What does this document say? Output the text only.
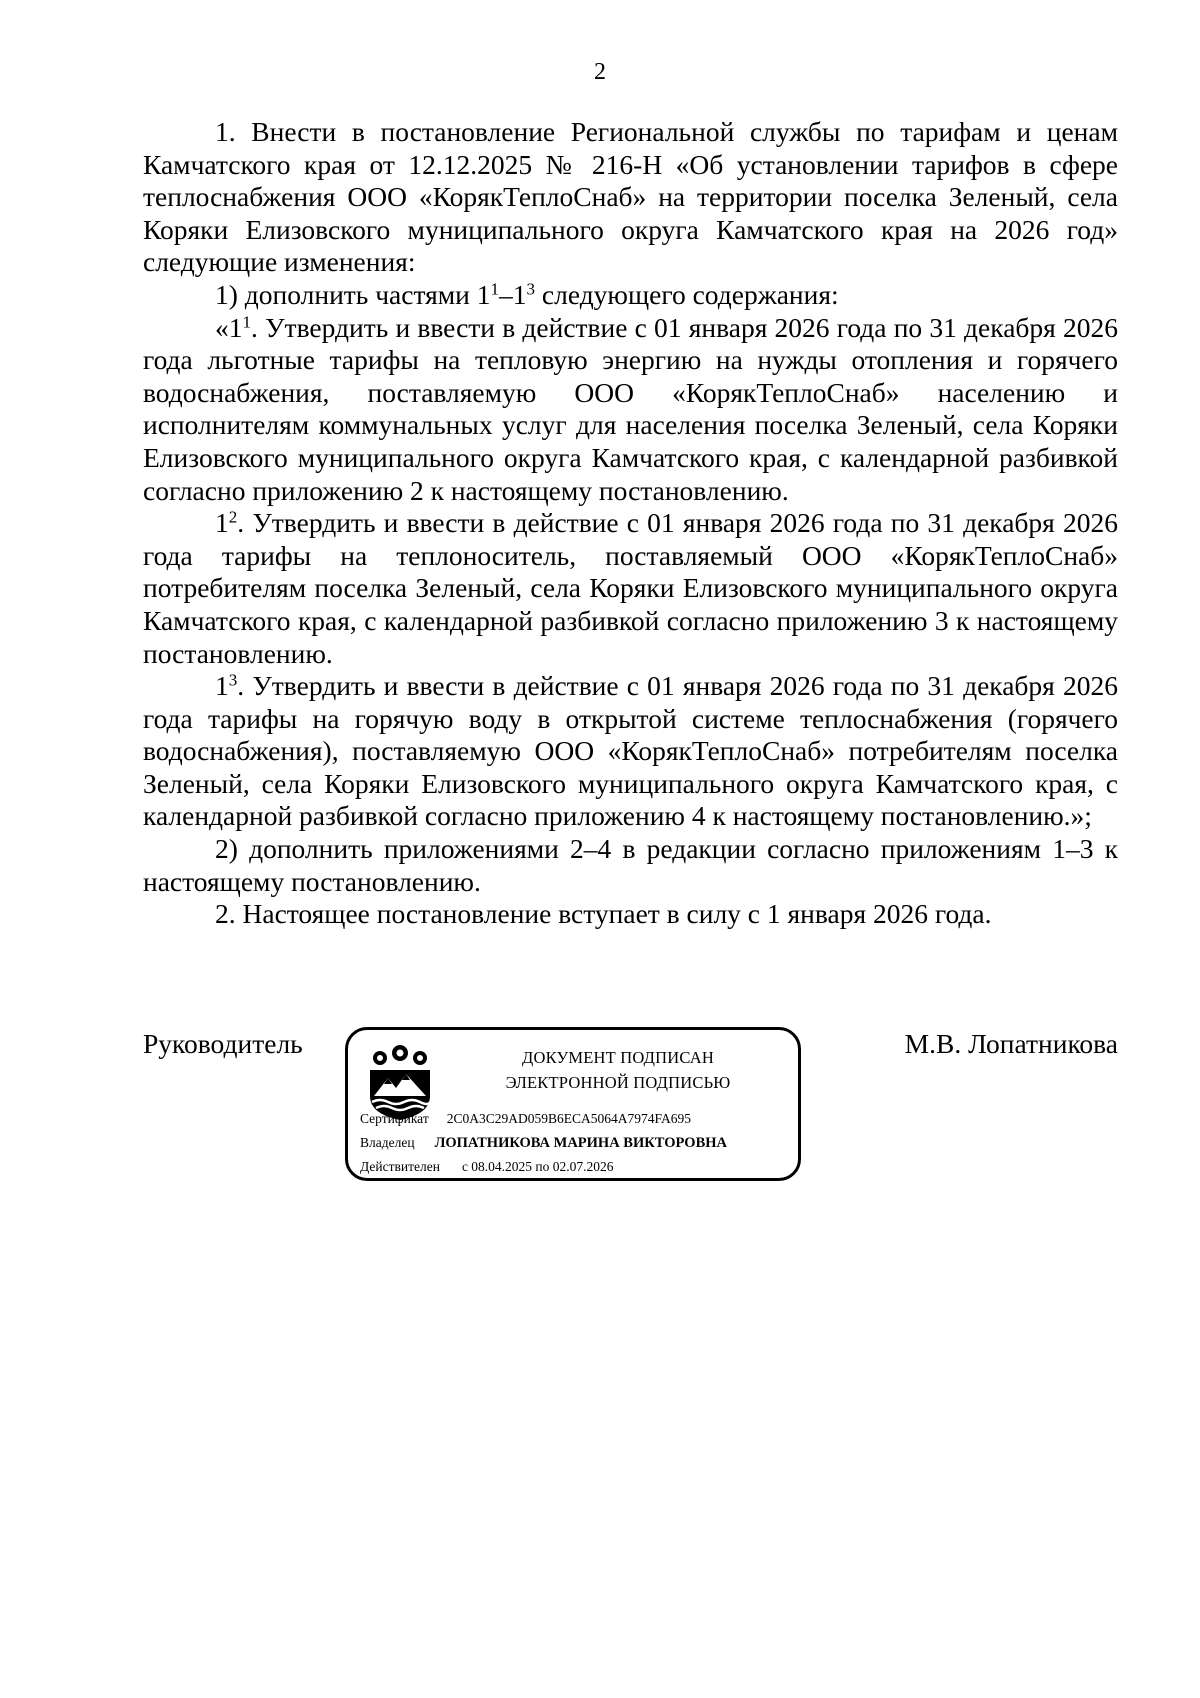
2

1. Внести в постановление Региональной службы по тарифам и ценам Камчатского края от 12.12.2025 № 216-Н «Об установлении тарифов в сфере теплоснабжения ООО «КорякТеплоСнаб» на территории поселка Зеленый, села Коряки Елизовского муниципального округа Камчатского края на 2026 год» следующие изменения:

1) дополнить частями $1^1-1^3$ следующего содержания:

«$1^1$. Утвердить и ввести в действие с 01 января 2026 года по 31 декабря 2026 года льготные тарифы на тепловую энергию на нужды отопления и горячего водоснабжения, поставляемую ООО «КорякТеплоСнаб» населению и исполнителям коммунальных услуг для населения поселка Зеленый, села Коряки Елизовского муниципального округа Камчатского края, с календарной разбивкой согласно приложению 2 к настоящему постановлению.

$1^2$. Утвердить и ввести в действие с 01 января 2026 года по 31 декабря 2026 года тарифы на теплоноситель, поставляемый ООО «КорякТеплоСнаб» потребителям поселка Зеленый, села Коряки Елизовского муниципального округа Камчатского края, с календарной разбивкой согласно приложению 3 к настоящему постановлению.

$1^3$. Утвердить и ввести в действие с 01 января 2026 года по 31 декабря 2026 года тарифы на горячую воду в открытой системе теплоснабжения (горячего водоснабжения), поставляемую ООО «КорякТеплоСнаб» потребителям поселка Зеленый, села Коряки Елизовского муниципального округа Камчатского края, с календарной разбивкой согласно приложению 4 к настоящему постановлению.»;

2) дополнить приложениями 2–4 в редакции согласно приложениям 1–3 к настоящему постановлению.

2. Настоящее постановление вступает в силу с 1 января 2026 года.

Руководитель	М.В. Лопатникова
ДОКУМЕНТ ПОДПИСАН
ЭЛЕКТРОННОЙ ПОДПИСЬЮ
Сертификат 2C0A3C29AD059B6ECA5064A7974FA695
Владелец ЛОПАТНИКОВА МАРИНА ВИКТОРОВНА
Действителен с 08.04.2025 по 02.07.2026
